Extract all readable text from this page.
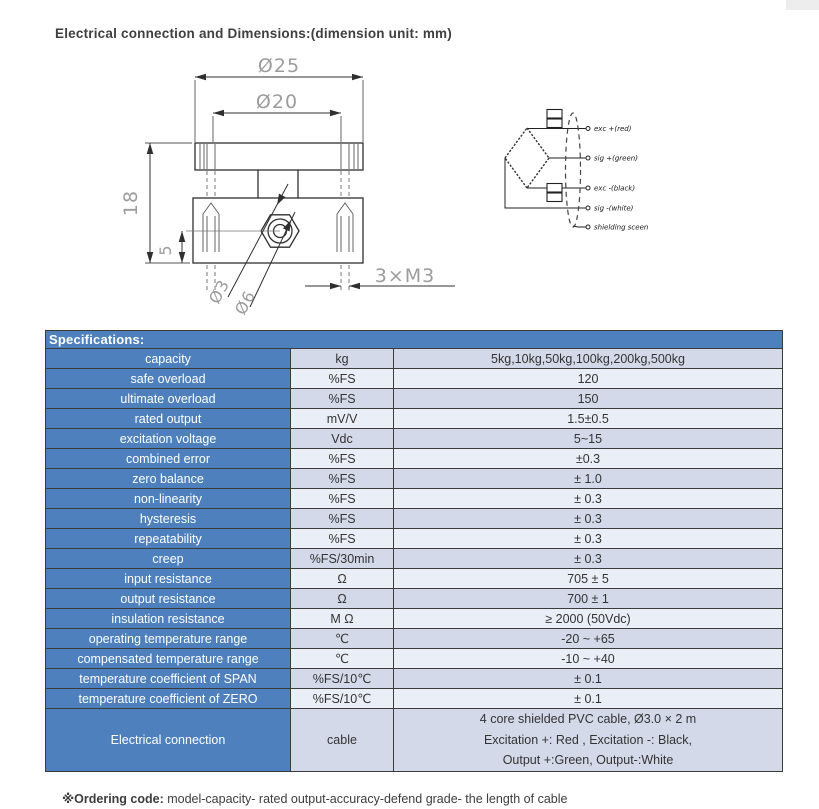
Electrical connection and Dimensions:(dimension unit: mm)
Ø25
Ø20
18
5
Ø3
Ø6
3×M3
exc +(red)
sig +(green)
exc -(black)
sig -(white)
shielding sceen
Specifications:		
capacity	kg	5kg,10kg,50kg,100kg,200kg,500kg
safe overload	%FS	120
ultimate overload	%FS	150
rated output	mV/V	1.5±0.5
excitation voltage	Vdc	5~15
combined error	%FS	±0.3
zero balance	%FS	± 1.0
non-linearity	%FS	± 0.3
hysteresis	%FS	± 0.3
repeatability	%FS	± 0.3
creep	%FS/30min	± 0.3
input resistance	Ω	705 ± 5
output resistance	Ω	700 ± 1
insulation resistance	M Ω	≥ 2000 (50Vdc)
operating temperature range	℃	-20 ~ +65
compensated temperature range	℃	-10 ~ +40
temperature coefficient of SPAN	%FS/10℃	± 0.1
temperature coefficient of ZERO	%FS/10℃	± 0.1
Electrical connection	cable	4 core shielded PVC cable, Ø3.0 × 2 m
Excitation +: Red , Excitation -: Black,
Output +:Green, Output-:White
※Ordering code: model-capacity- rated output-accuracy-defend grade- the length of cable
